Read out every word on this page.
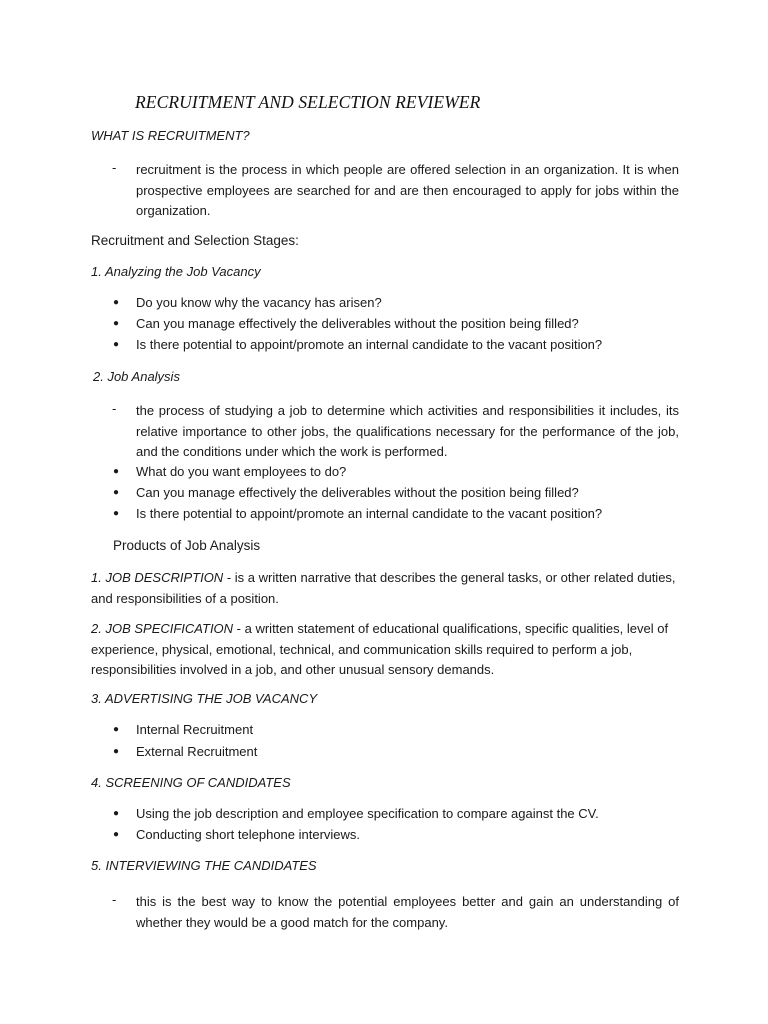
RECRUITMENT AND SELECTION REVIEWER
WHAT IS RECRUITMENT?
- recruitment is the process in which people are offered selection in an organization. It is when prospective employees are searched for and are then encouraged to apply for jobs within the organization.
Recruitment and Selection Stages:
1. Analyzing the Job Vacancy
● Do you know why the vacancy has arisen?
● Can you manage effectively the deliverables without the position being filled?
● Is there potential to appoint/promote an internal candidate to the vacant position?
2. Job Analysis
- the process of studying a job to determine which activities and responsibilities it includes, its relative importance to other jobs, the qualifications necessary for the performance of the job, and the conditions under which the work is performed.
● What do you want employees to do?
● Can you manage effectively the deliverables without the position being filled?
● Is there potential to appoint/promote an internal candidate to the vacant position?
Products of Job Analysis
1. JOB DESCRIPTION - is a written narrative that describes the general tasks, or other related duties, and responsibilities of a position.
2. JOB SPECIFICATION - a written statement of educational qualifications, specific qualities, level of experience, physical, emotional, technical, and communication skills required to perform a job, responsibilities involved in a job, and other unusual sensory demands.
3. ADVERTISING THE JOB VACANCY
● Internal Recruitment
● External Recruitment
4. SCREENING OF CANDIDATES
● Using the job description and employee specification to compare against the CV.
● Conducting short telephone interviews.
5. INTERVIEWING THE CANDIDATES
- this is the best way to know the potential employees better and gain an understanding of whether they would be a good match for the company.
